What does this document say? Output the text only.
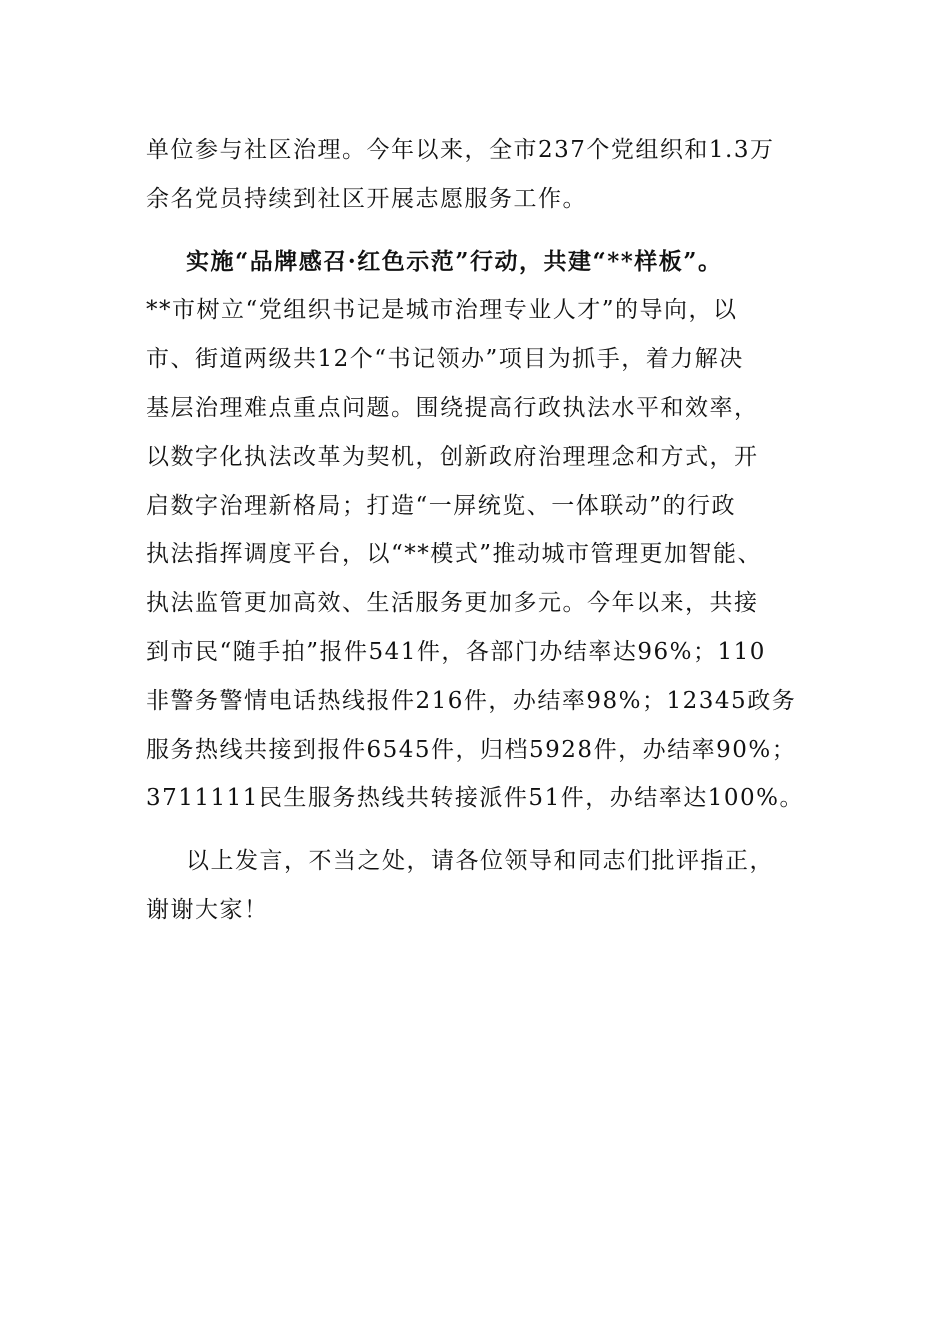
单位参与社区治理。今年以来，全市237个党组织和1.3万
余名党员持续到社区开展志愿服务工作。

实施“品牌感召·红色示范”行动，共建“**样板”。
**市树立“党组织书记是城市治理专业人才”的导向，以
市、街道两级共12个“书记领办”项目为抓手，着力解决
基层治理难点重点问题。围绕提高行政执法水平和效率，
以数字化执法改革为契机，创新政府治理理念和方式，开
启数字治理新格局；打造“一屏统览、一体联动”的行政
执法指挥调度平台，以“**模式”推动城市管理更加智能、
执法监管更加高效、生活服务更加多元。今年以来，共接
到市民“随手拍”报件541件，各部门办结率达96%；110
非警务警情电话热线报件216件，办结率98%；12345政务
服务热线共接到报件6545件，归档5928件，办结率90%；
3711111民生服务热线共转接派件51件，办结率达100%。

以上发言，不当之处，请各位领导和同志们批评指正，
谢谢大家！
